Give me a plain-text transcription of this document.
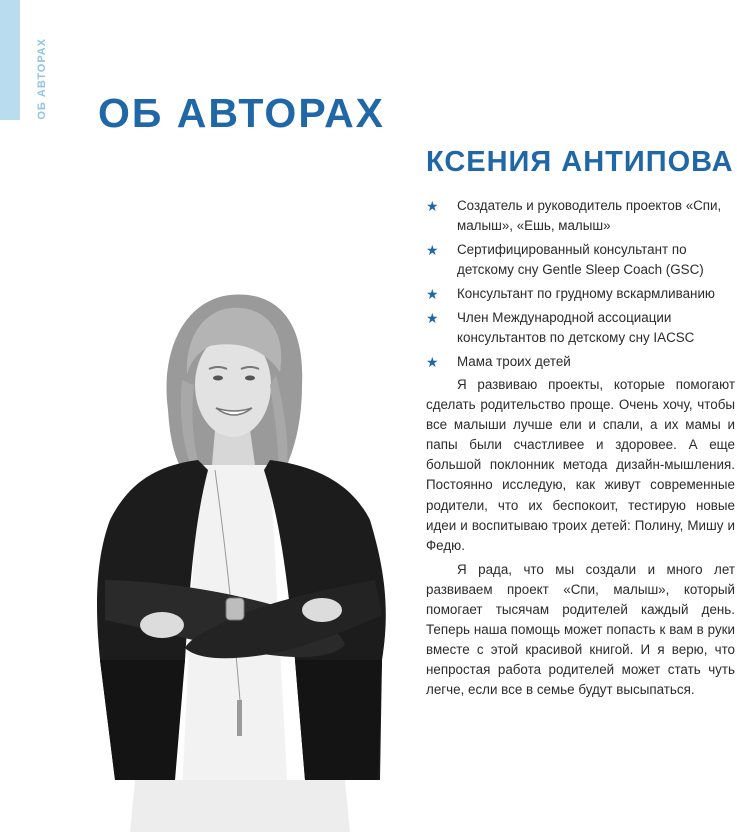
ОБ АВТОРАХ ОБ АВТОРАХ
КСЕНИЯ АНТИПОВА
★ Создатель и руководитель проектов «Спи, малыш», «Ешь, малыш»
★ Сертифицированный консультант по детскому сну Gentle Sleep Coach (GSC)
★ Консультант по грудному вскармливанию
★ Член Международной ассоциации консультантов по детскому сну IACSC
★ Мама троих детей

Я развиваю проекты, которые помогают сделать родительство проще. Очень хочу, чтобы все малыши лучше ели и спали, а их мамы и папы были счастливее и здоровее. А еще большой поклонник метода дизайн-мышления. Постоянно исследую, как живут современные родители, что их беспокоит, тестирую новые идеи и воспитываю троих детей: Полину, Мишу и Федю.

Я рада, что мы создали и много лет развиваем проект «Спи, малыш», который помогает тысячам родителей каждый день. Теперь наша помощь может попасть к вам в руки вместе с этой красивой книгой. И я верю, что непростая работа родителей может стать чуть легче, если все в семье будут высыпаться.
